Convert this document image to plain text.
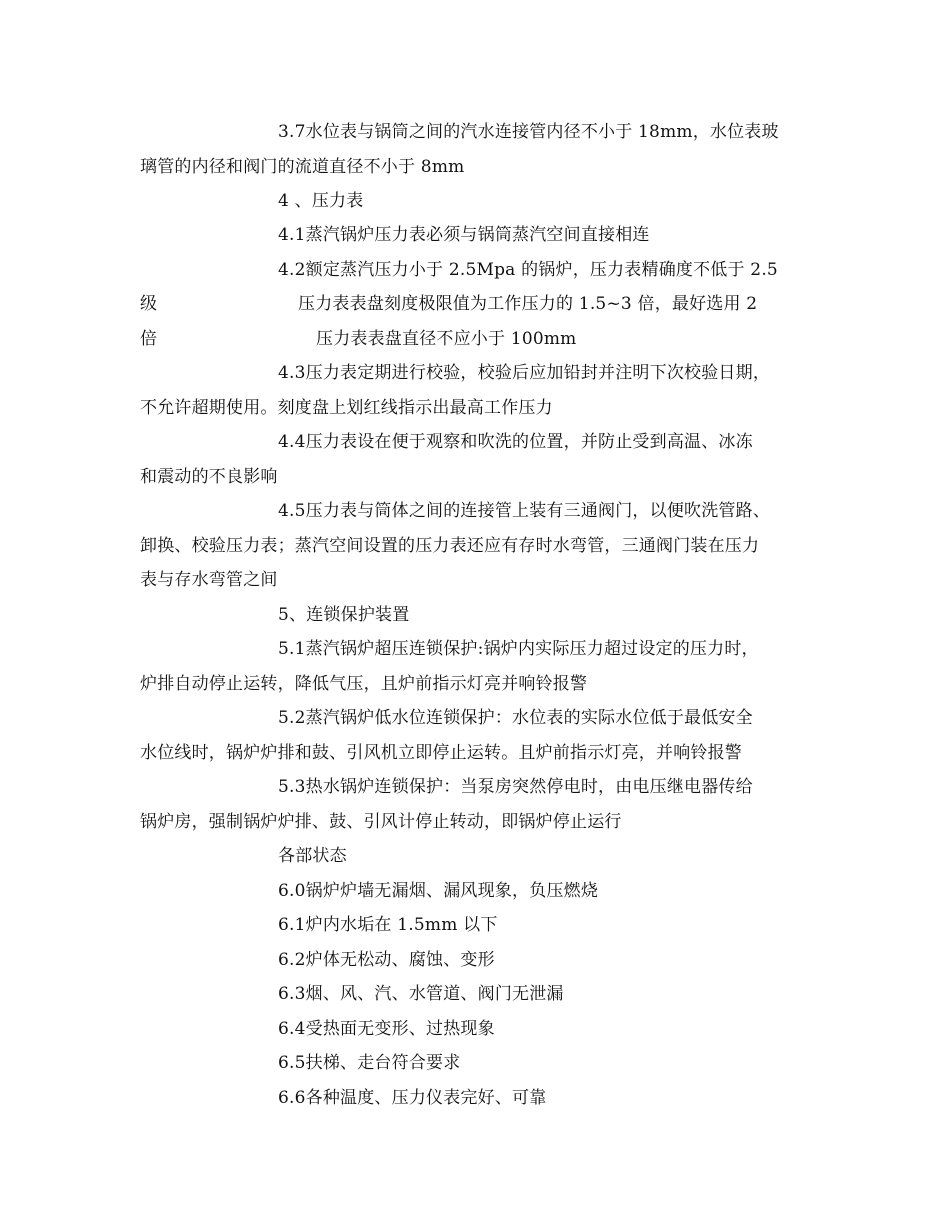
3.7水位表与锅筒之间的汽水连接管内径不小于 18mm，水位表玻
璃管的内径和阀门的流道直径不小于 8mm
4 、压力表
4.1蒸汽锅炉压力表必须与锅筒蒸汽空间直接相连
4.2额定蒸汽压力小于 2.5Mpa 的锅炉，压力表精确度不低于 2.5
级	压力表表盘刻度极限值为工作压力的 1.5~3 倍，最好选用 2
倍	压力表表盘直径不应小于 100mm
4.3压力表定期进行校验，校验后应加铅封并注明下次校验日期，
不允许超期使用。刻度盘上划红线指示出最高工作压力
4.4压力表设在便于观察和吹洗的位置，并防止受到高温、冰冻
和震动的不良影响
4.5压力表与筒体之间的连接管上装有三通阀门，以便吹洗管路、
卸换、校验压力表；蒸汽空间设置的压力表还应有存时水弯管，三通阀门装在压力
表与存水弯管之间
5、连锁保护装置
5.1蒸汽锅炉超压连锁保护:锅炉内实际压力超过设定的压力时，
炉排自动停止运转，降低气压，且炉前指示灯亮并响铃报警
5.2蒸汽锅炉低水位连锁保护：水位表的实际水位低于最低安全
水位线时，锅炉炉排和鼓、引风机立即停止运转。且炉前指示灯亮，并响铃报警
5.3热水锅炉连锁保护：当泵房突然停电时，由电压继电器传给
锅炉房，强制锅炉炉排、鼓、引风计停止转动，即锅炉停止运行
各部状态
6.0锅炉炉墙无漏烟、漏风现象，负压燃烧
6.1炉内水垢在 1.5mm 以下
6.2炉体无松动、腐蚀、变形
6.3烟、风、汽、水管道、阀门无泄漏
6.4受热面无变形、过热现象
6.5扶梯、走台符合要求
6.6各种温度、压力仪表完好、可靠
